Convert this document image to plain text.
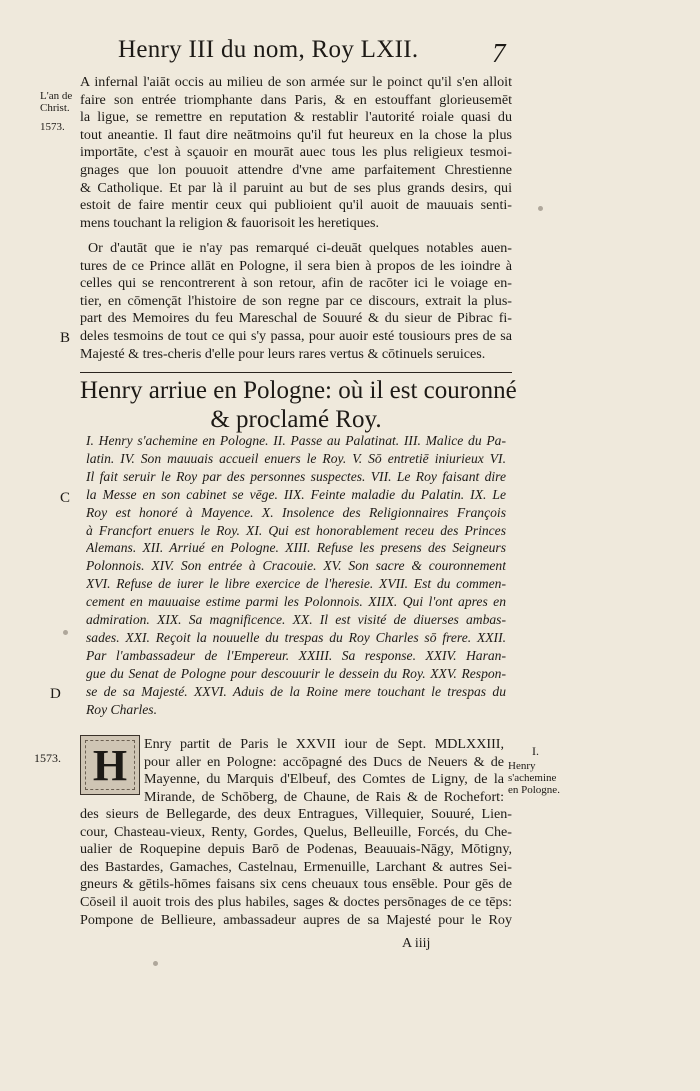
Henry III du nom, Roy LXII.	7
L'an de Christ.
1573.
A infernal l'aiāt occis au milieu de son armée sur le poinct qu'il s'en alloit
faire son entrée triomphante dans Paris, & en estouffant glorieusemēt
la ligue, se remettre en reputation & restablir l'autorité roiale quasi du
tout aneantie. Il faut dire neātmoins qu'il fut heureux en la chose la plus
importāte, c'est à sçauoir en mourāt auec tous les plus religieux tesmoi-
gnages que lon pouuoit attendre d'vne ame parfaitement Chrestienne
& Catholique. Et par là il paruint au but de ses plus grands desirs, qui
estoit de faire mentir ceux qui publioient qu'il auoit de mauuais senti-
mens touchant la religion & fauorisoit les heretiques.
Or d'autāt que ie n'ay pas remarqué ci-deuāt quelques notables auen-
tures de ce Prince allāt en Pologne, il sera bien à propos de les ioindre à
celles qui se rencontrerent à son retour, afin de racōter ici le voiage en-
tier, en cōmençāt l'histoire de son regne par ce discours, extrait la plus-
part des Memoires du feu Mareschal de Souuré & du sieur de Pibrac fi-
deles tesmoins de tout ce qui s'y passa, pour auoir esté tousiours pres de sa
Majesté & tres-cheris d'elle pour leurs rares vertus & cōtinuels seruices.
B
Henry arriue en Pologne: où il est couronné
& proclamé Roy.
I. Henry s'achemine en Pologne. II. Passe au Palatinat. III. Malice du Pa-
latin. IV. Son mauuais accueil enuers le Roy. V. Sō entretiē iniurieux VI.
Il fait seruir le Roy par des personnes suspectes. VII. Le Roy faisant dire
la Messe en son cabinet se vēge. IIX. Feinte maladie du Palatin. IX. Le
Roy est honoré à Mayence. X. Insolence des Religionnaires François
à Francfort enuers le Roy. XI. Qui est honorablement receu des Princes
Alemans. XII. Arriué en Pologne. XIII. Refuse les presens des Seigneurs
Polonnois. XIV. Son entrée à Cracouie. XV. Son sacre & couronnement
XVI. Refuse de iurer le libre exercice de l'heresie. XVII. Est du commen-
cement en mauuaise estime parmi les Polonnois. XIIX. Qui l'ont apres en
admiration. XIX. Sa magnificence. XX. Il est visité de diuerses ambas-
sades. XXI. Reçoit la nouuelle du trespas du Roy Charles sō frere. XXII.
Par l'ambassadeur de l'Empereur. XXIII. Sa response. XXIV. Haran-
gue du Senat de Pologne pour descouurir le dessein du Roy. XXV. Respon-
se de sa Majesté. XXVI. Aduis de la Roine mere touchant le trespas du
Roy Charles.
C
D
1573.	I.
Henry s'achemine en Pologne.
H Enry partit de Paris le XXVII iour de Sept. MDLXXIII,
pour aller en Pologne: accōpagné des Ducs de Neuers & de
Mayenne, du Marquis d'Elbeuf, des Comtes de Ligny, de la
Mirande, de Schōberg, de Chaune, de Rais & de Rochefort:
des sieurs de Bellegarde, des deux Entragues, Villequier, Souuré, Lien-
cour, Chasteau-vieux, Renty, Gordes, Quelus, Belleuille, Forcés, du Che-
ualier de Roquepine depuis Barō de Podenas, Beauuais-Nāgy, Mōtigny,
des Bastardes, Gamaches, Castelnau, Ermenuille, Larchant & autres Sei-
gneurs & gētils-hōmes faisans six cens cheuaux tous ensēble. Pour gēs de
Cōseil il auoit trois des plus habiles, sages & doctes persōnages de ce tēps:
Pompone de Bellieure, ambassadeur aupres de sa Majesté pour le Roy
A iiij
